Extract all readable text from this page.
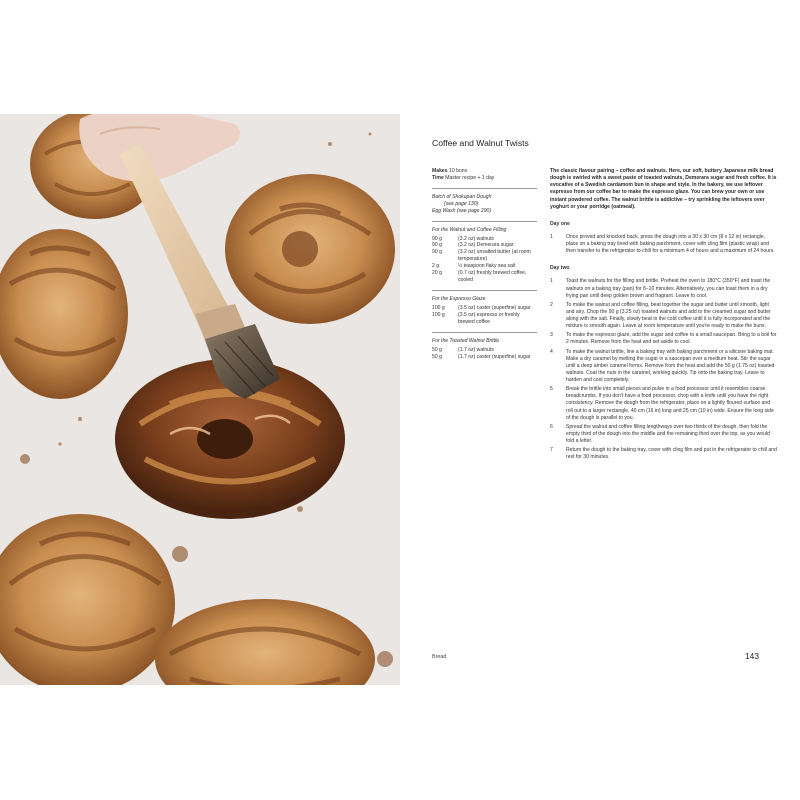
Coffee and Walnut Twists
Makes 10 buns
Time Master recipe + 1 day
Batch of Shokupan Dough
(see page 130)
Egg Wash (see page 290)
For the Walnut and Coffee Filling
90 g	(3.2 oz) walnuts
90 g	(3.2 oz) Demerara sugar
90 g	(3.2 oz) unsalted butter (at room temperature)
2 g	½ teaspoon flaky sea salt
20 g	(0.7 oz) freshly brewed coffee, cooled
For the Espresso Glaze
100 g	(3.5 oz) caster (superfine) sugar
100 g	(3.5 oz) espresso or freshly brewed coffee
For the Toasted Walnut Brittle
50 g	(1.7 oz) walnuts
50 g	(1.7 oz) caster (superfine) sugar

The classic flavour pairing – coffee and walnuts. Here, our soft, buttery Japanese milk bread dough is swirled with a sweet paste of toasted walnuts, Demerara sugar and fresh coffee. It is evocative of a Swedish cardamom bun in shape and style. In the bakery, we use leftover espresso from our coffee bar to make the espresso glaze. You can brew your own or use instant powdered coffee. The walnut brittle is addictive – try sprinkling the leftovers over yoghurt or your porridge (oatmeal).

Day one
1	Once proved and knocked back, press the dough into a 30 x 30 cm (8 x 12 in) rectangle, place on a baking tray lined with baking parchment, cover with cling film (plastic wrap) and then transfer to the refrigerator to chill for a minimum 4 of hours and a maximum of 24 hours.
Day two
1	Toast the walnuts for the filling and brittle. Preheat the oven to 180°C (350°F) and toast the walnuts on a baking tray (pan) for 8–10 minutes. Alternatively, you can toast them in a dry frying pan until deep golden brown and fragrant. Leave to cool.
2	To make the walnut and coffee filling, beat together the sugar and butter until smooth, light and airy. Chop the 90 g (3.25 oz) toasted walnuts and add to the creamed sugar and butter along with the salt. Finally, slowly beat in the cold coffee until it is fully incorporated and the mixture is smooth again. Leave at room temperature until you're ready to make the buns.
3	To make the espresso glaze, add the sugar and coffee to a small saucepan. Bring to a boil for 2 minutes. Remove from the heat and set aside to cool.
4	To make the walnut brittle, line a baking tray with baking parchment or a silicone baking mat. Make a dry caramel by melting the sugar in a saucepan over a medium heat. Stir the sugar until a deep amber caramel forms. Remove from the heat and add the 50 g (1.75 oz) toasted walnuts. Coat the nuts in the caramel, working quickly. Tip onto the baking tray. Leave to harden and cool completely.
5	Break the brittle into small pieces and pulse in a food processor until it resembles coarse breadcrumbs. If you don't have a food processor, chop with a knife until you have the right consistency. Remove the dough from the refrigerator, place on a lightly floured surface and roll out to a larger rectangle, 40 cm (16 in) long and 25 cm (10 in) wide. Ensure the long side of the dough is parallel to you.
6	Spread the walnut and coffee filling lengthways over two thirds of the dough, then fold the empty third of the dough into the middle and the remaining third over the top, as you would fold a letter.
7	Return the dough to the baking tray, cover with cling film and put in the refrigerator to chill and rest for 30 minutes.
Bread	143
